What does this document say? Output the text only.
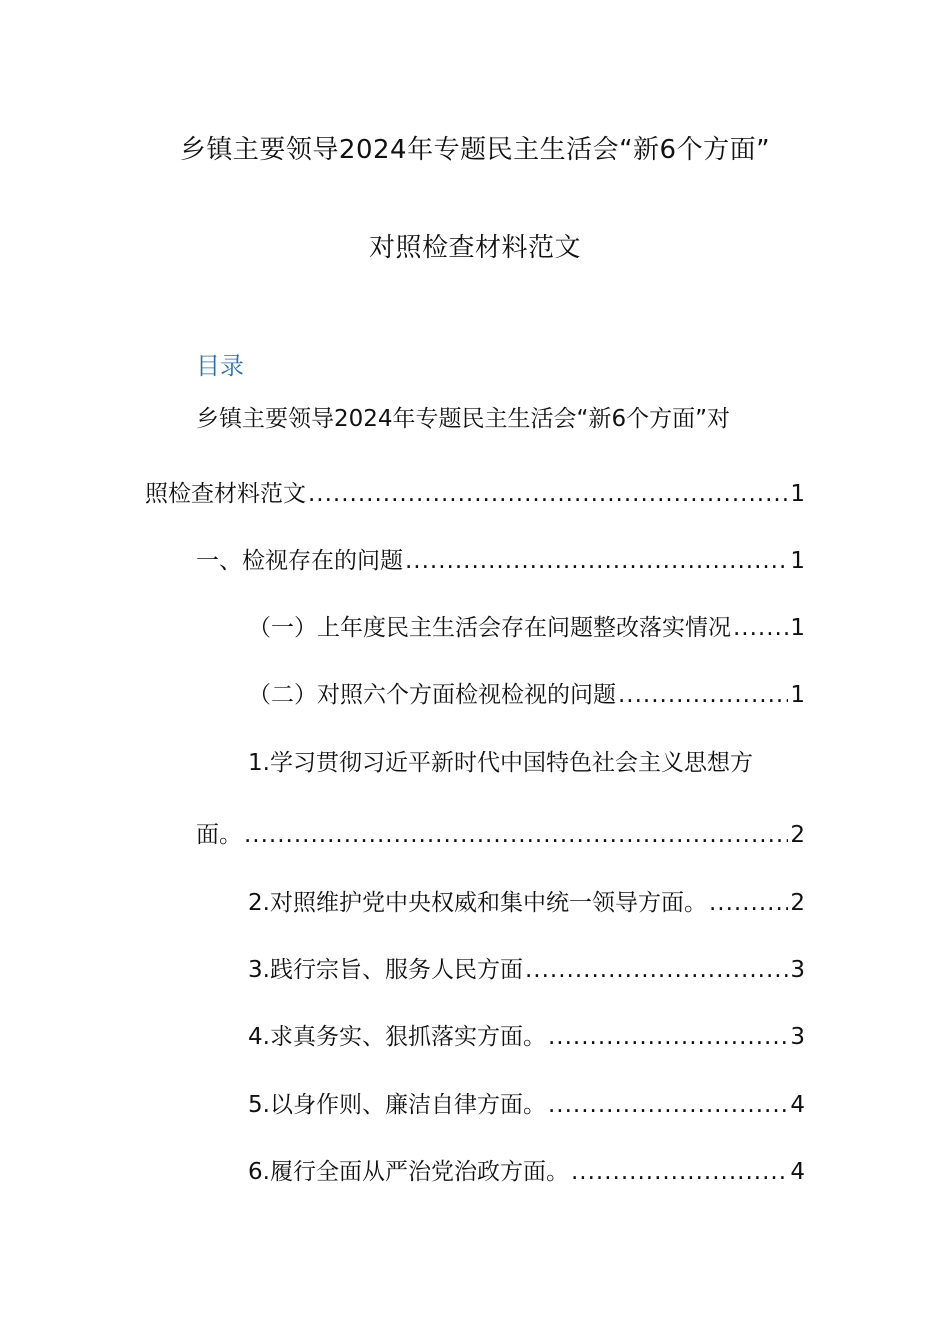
乡镇主要领导2024年专题民主生活会“新6个方面”
对照检查材料范文
目录
乡镇主要领导2024年专题民主生活会“新6个方面”对
照检查材料范文 .....	1
一、检视存在的问题 .....	1
（一）上年度民主生活会存在问题整改落实情况 .....	1
（二）对照六个方面检视检视的问题 .....	1
1.学习贯彻习近平新时代中国特色社会主义思想方
面。 .....	2
2.对照维护党中央权威和集中统一领导方面。 .....	2
3.践行宗旨、服务人民方面 .....	3
4.求真务实、狠抓落实方面。 .....	3
5.以身作则、廉洁自律方面。 .....	4
6.履行全面从严治党治政方面。 .....	4
